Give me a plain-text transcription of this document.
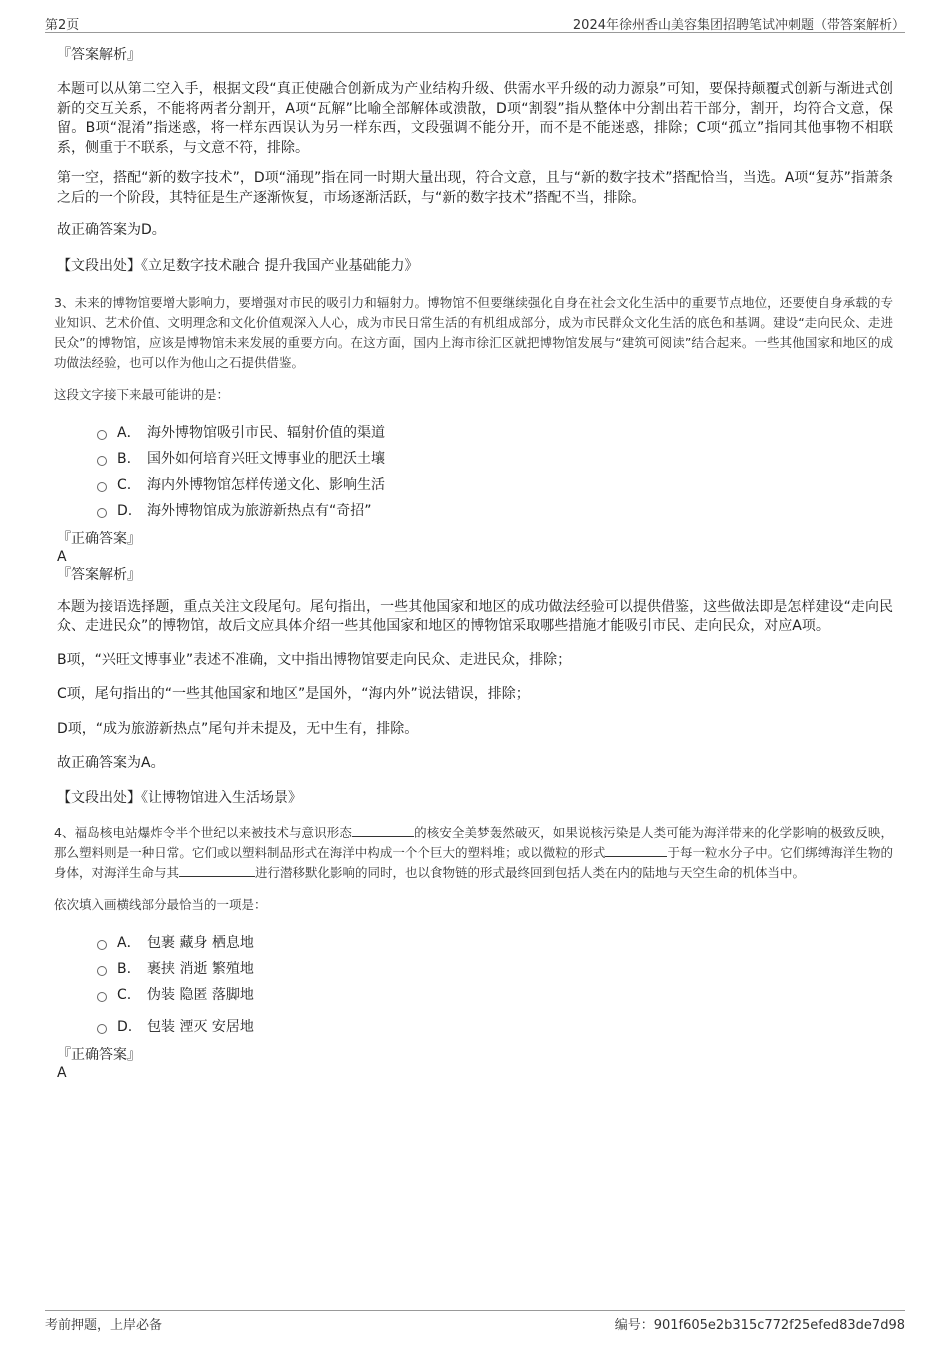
第2页	2024年徐州香山美容集团招聘笔试冲刺题（带答案解析）

『答案解析』

本题可以从第二空入手，根据文段“真正使融合创新成为产业结构升级、供需水平升级的动力源泉”可知，要保持颠覆式创新与渐进式创新的交互关系，不能将两者分割开，A项“瓦解”比喻全部解体或溃散，D项“割裂”指从整体中分割出若干部分，割开，均符合文意，保留。B项“混淆”指迷惑，将一样东西误认为另一样东西，文段强调不能分开，而不是不能迷惑，排除；C项“孤立”指同其他事物不相联系，侧重于不联系，与文意不符，排除。

第一空，搭配“新的数字技术”，D项“涌现”指在同一时期大量出现，符合文意，且与“新的数字技术”搭配恰当，当选。A项“复苏”指萧条之后的一个阶段，其特征是生产逐渐恢复，市场逐渐活跃，与“新的数字技术”搭配不当，排除。

故正确答案为D。

【文段出处】《立足数字技术融合 提升我国产业基础能力》

3、未来的博物馆要增大影响力，要增强对市民的吸引力和辐射力。博物馆不但要继续强化自身在社会文化生活中的重要节点地位，还要使自身承载的专业知识、艺术价值、文明理念和文化价值观深入人心，成为市民日常生活的有机组成部分，成为市民群众文化生活的底色和基调。建设“走向民众、走进民众”的博物馆，应该是博物馆未来发展的重要方向。在这方面，国内上海市徐汇区就把博物馆发展与“建筑可阅读”结合起来。一些其他国家和地区的成功做法经验，也可以作为他山之石提供借鉴。

这段文字接下来最可能讲的是：

A． 海外博物馆吸引市民、辐射价值的渠道
B.	国外如何培育兴旺文博事业的肥沃土壤
C.	海内外博物馆怎样传递文化、影响生活
D.	海外博物馆成为旅游新热点有“奇招”

『正确答案』

A

『答案解析』

本题为接语选择题，重点关注文段尾句。尾句指出，一些其他国家和地区的成功做法经验可以提供借鉴，这些做法即是怎样建设“走向民众、走进民众”的博物馆，故后文应具体介绍一些其他国家和地区的博物馆采取哪些措施才能吸引市民、走向民众，对应A项。

B项，“兴旺文博事业”表述不准确，文中指出博物馆要走向民众、走进民众，排除；

C项，尾句指出的“一些其他国家和地区”是国外，“海内外”说法错误，排除；

D项，“成为旅游新热点”尾句并未提及，无中生有，排除。

故正确答案为A。

【文段出处】《让博物馆进入生活场景》

4、福岛核电站爆炸令半个世纪以来被技术与意识形态	的核安全美梦轰然破灭，如果说核污染是人类可能为海洋带来的化学影响的极致反映，那么塑料则是一种日常。它们或以塑料制品形式在海洋中构成一个个巨大的塑料堆；或以微粒的形式	于每一粒水分子中。它们绑缚海洋生物的身体，对海洋生命与其	进行潜移默化影响的同时，也以食物链的形式最终回到包括人类在内的陆地与天空生命的机体当中。

依次填入画横线部分最恰当的一项是：

A． 包裹 藏身 栖息地
B.	裹挟 消逝 繁殖地
C.	伪装 隐匿 落脚地
D.	包装 湮灭 安居地

『正确答案』

A

考前押题，上岸必备	编号：901f605e2b315c772f25efed83de7d98
